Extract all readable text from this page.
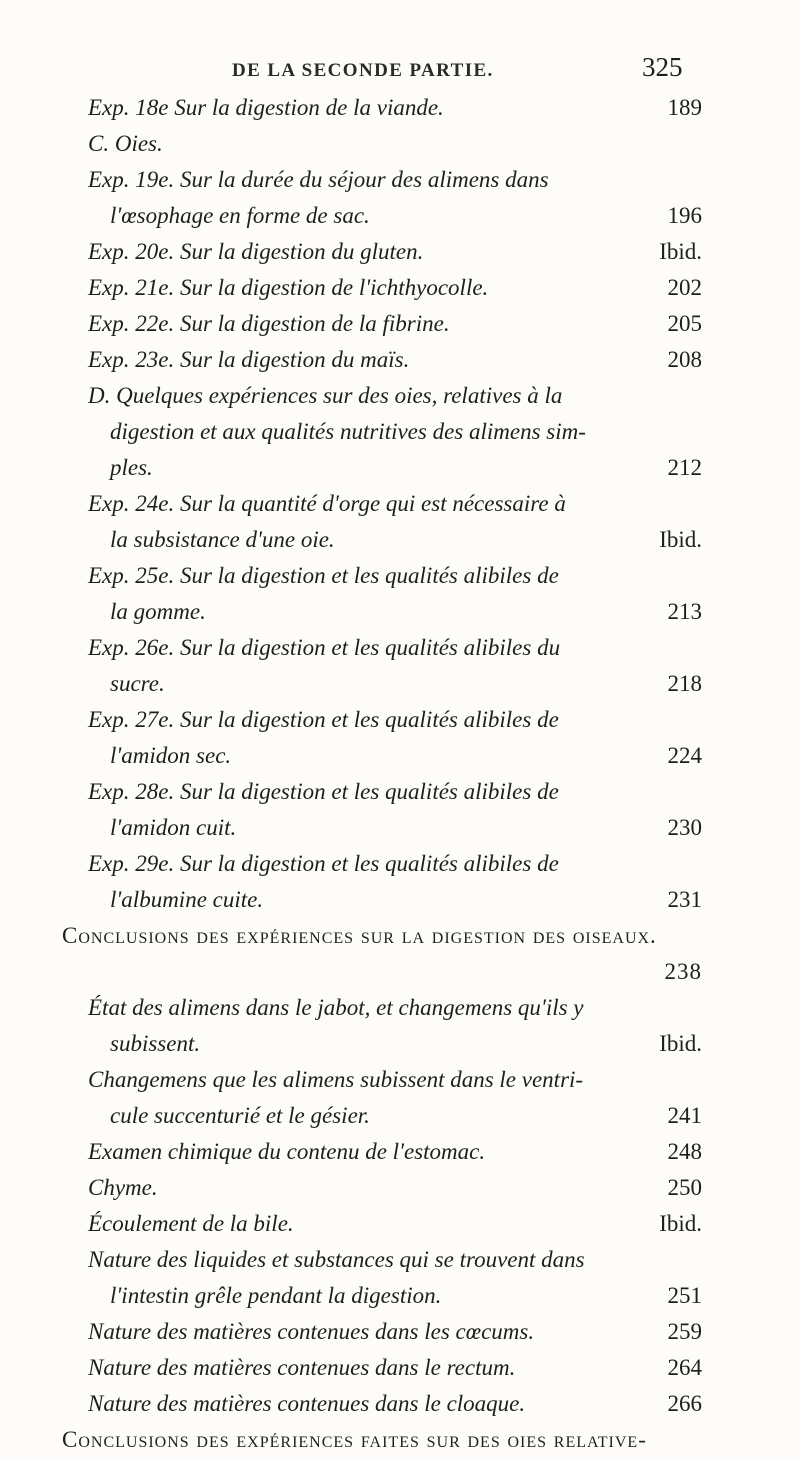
DE LA SECONDE PARTIE.	325
Exp. 18e Sur la digestion de la viande.	189
C. Oies.
Exp. 19e. Sur la durée du séjour des alimens dans
l'œsophage en forme de sac.	196
Exp. 20e. Sur la digestion du gluten.	Ibid.
Exp. 21e. Sur la digestion de l'ichthyocolle.	202
Exp. 22e. Sur la digestion de la fibrine.	205
Exp. 23e. Sur la digestion du maïs.	208
D. Quelques expériences sur des oies, relatives à la
digestion et aux qualités nutritives des alimens sim-
ples.	212
Exp. 24e. Sur la quantité d'orge qui est nécessaire à
la subsistance d'une oie.	Ibid.
Exp. 25e. Sur la digestion et les qualités alibiles de
la gomme.	213
Exp. 26e. Sur la digestion et les qualités alibiles du
sucre.	218
Exp. 27e. Sur la digestion et les qualités alibiles de
l'amidon sec.	224
Exp. 28e. Sur la digestion et les qualités alibiles de
l'amidon cuit.	230
Exp. 29e. Sur la digestion et les qualités alibiles de
l'albumine cuite.	231
Conclusions des expériences sur la digestion des oiseaux.
238
État des alimens dans le jabot, et changemens qu'ils y
subissent.	Ibid.
Changemens que les alimens subissent dans le ventri-
cule succenturié et le gésier.	241
Examen chimique du contenu de l'estomac.	248
Chyme.	250
Écoulement de la bile.	Ibid.
Nature des liquides et substances qui se trouvent dans
l'intestin grêle pendant la digestion.	251
Nature des matières contenues dans les cœcums.	259
Nature des matières contenues dans le rectum.	264
Nature des matières contenues dans le cloaque.	266
Conclusions des expériences faites sur des oies relative-
